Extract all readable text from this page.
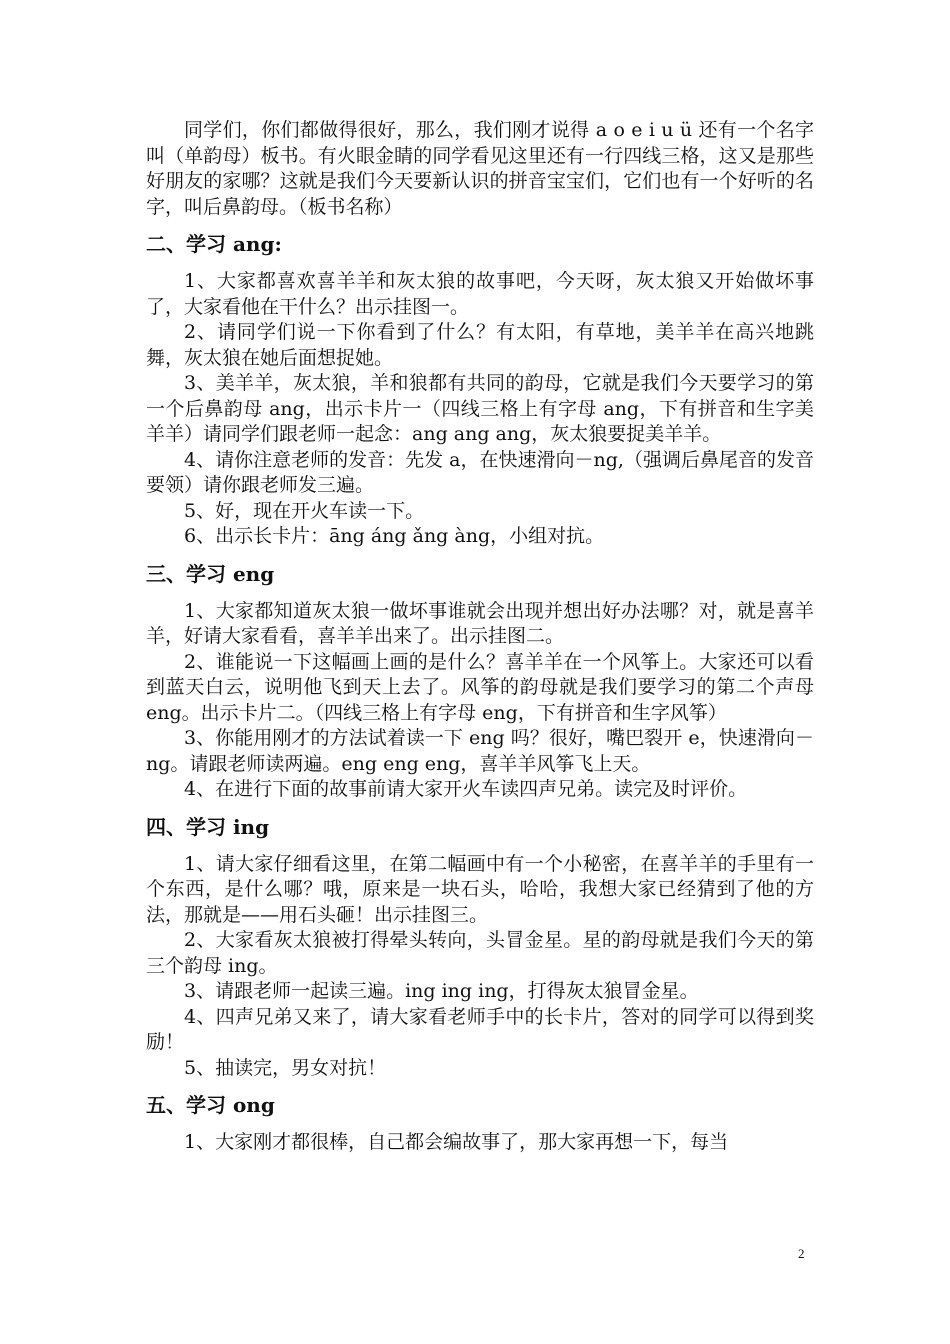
同学们，你们都做得很好，那么，我们刚才说得 a o e i u ü 还有一个名字叫（单韵母）板书。有火眼金睛的同学看见这里还有一行四线三格，这又是那些好朋友的家哪？这就是我们今天要新认识的拼音宝宝们，它们也有一个好听的名字，叫后鼻韵母。（板书名称）

二、学习 ang:

1、大家都喜欢喜羊羊和灰太狼的故事吧，今天呀，灰太狼又开始做坏事了，大家看他在干什么？出示挂图一。

2、请同学们说一下你看到了什么？有太阳，有草地，美羊羊在高兴地跳舞，灰太狼在她后面想捉她。

3、美羊羊，灰太狼，羊和狼都有共同的韵母，它就是我们今天要学习的第一个后鼻韵母 ang，出示卡片一（四线三格上有字母 ang，下有拼音和生字美羊羊）请同学们跟老师一起念：ang ang ang，灰太狼要捉美羊羊。

4、请你注意老师的发音：先发 a，在快速滑向－ng,（强调后鼻尾音的发音要领）请你跟老师发三遍。

5、好，现在开火车读一下。

6、出示长卡片：āng áng ǎng àng，小组对抗。

三、学习 eng

1、大家都知道灰太狼一做坏事谁就会出现并想出好办法哪？对，就是喜羊羊，好请大家看看，喜羊羊出来了。出示挂图二。

2、谁能说一下这幅画上画的是什么？喜羊羊在一个风筝上。大家还可以看到蓝天白云，说明他飞到天上去了。风筝的韵母就是我们要学习的第二个声母 eng。出示卡片二。（四线三格上有字母 eng，下有拼音和生字风筝）

3、你能用刚才的方法试着读一下 eng 吗？很好，嘴巴裂开 e，快速滑向－ng。请跟老师读两遍。eng eng eng，喜羊羊风筝飞上天。

4、在进行下面的故事前请大家开火车读四声兄弟。读完及时评价。

四、学习 ing

1、请大家仔细看这里，在第二幅画中有一个小秘密，在喜羊羊的手里有一个东西，是什么哪？哦，原来是一块石头，哈哈，我想大家已经猜到了他的方法，那就是——用石头砸！出示挂图三。

2、大家看灰太狼被打得晕头转向，头冒金星。星的韵母就是我们今天的第三个韵母 ing。

3、请跟老师一起读三遍。ing ing ing，打得灰太狼冒金星。

4、四声兄弟又来了，请大家看老师手中的长卡片，答对的同学可以得到奖励！

5、抽读完，男女对抗！

五、学习 ong

1、大家刚才都很棒，自己都会编故事了，那大家再想一下，每当

2
